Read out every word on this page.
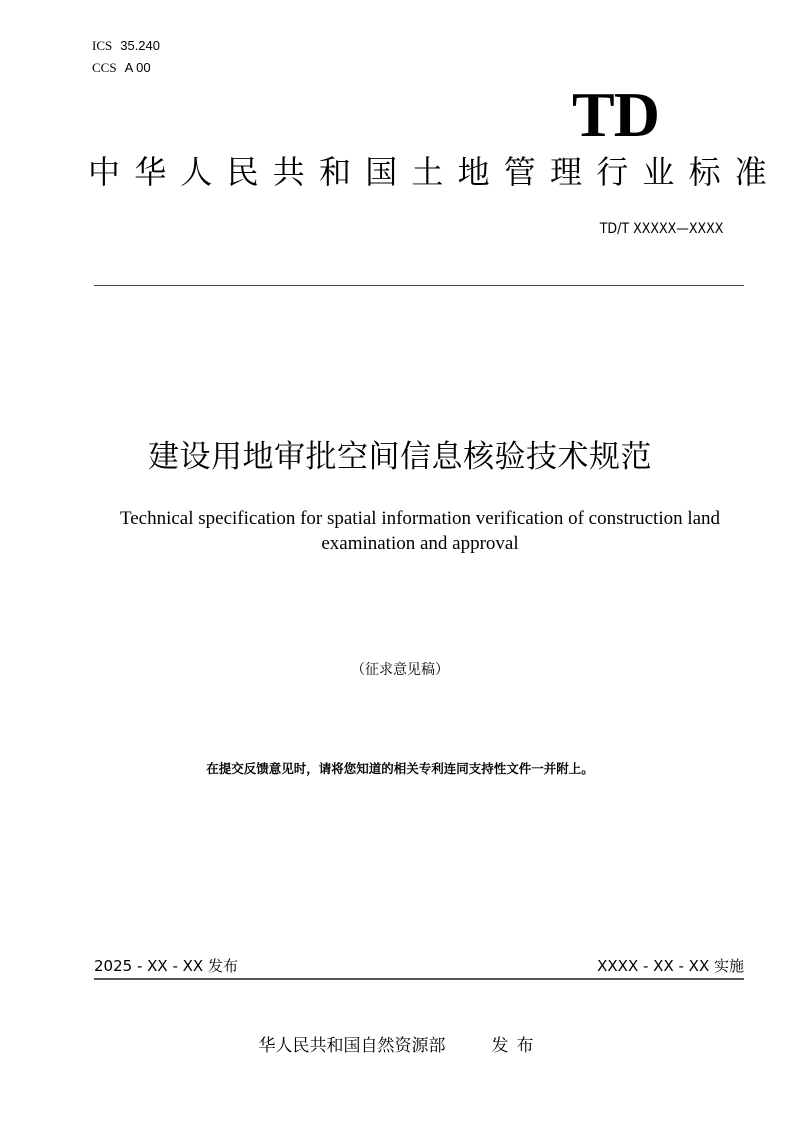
ICS 35.240
CCS A 00
TD
中华人民共和国土地管理行业标准
TD/T XXXXX—XXXX
建设用地审批空间信息核验技术规范
Technical specification for spatial information verification of construction land examination and approval
（征求意见稿）
在提交反馈意见时，请将您知道的相关专利连同支持性文件一并附上。
2025 - XX - XX 发布	XXXX - XX - XX 实施
华人民共和国自然资源部	发布
